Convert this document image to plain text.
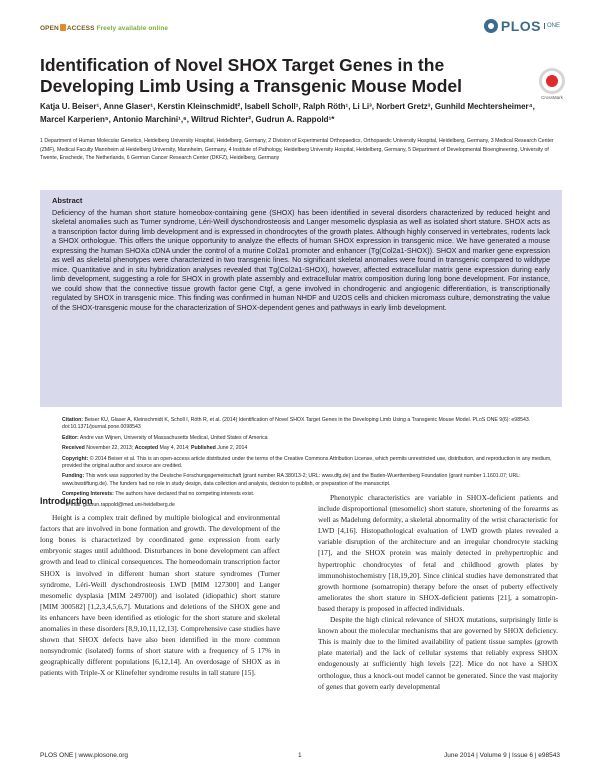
OPEN ACCESS Freely available online	PLOS	ONE
Identification of Novel SHOX Target Genes in the Developing Limb Using a Transgenic Mouse Model
CrossMark
Katja U. Beiser¹, Anne Glaser¹, Kerstin Kleinschmidt², Isabell Scholl¹, Ralph Röth¹, Li Li³, Norbert Gretz³, Gunhild Mechtersheimer⁴, Marcel Karperien⁵, Antonio Marchini¹,⁶, Wiltrud Richter², Gudrun A. Rappold¹*
1 Department of Human Molecular Genetics, Heidelberg University Hospital, Heidelberg, Germany, 2 Division of Experimental Orthopaedics, Orthopaedic University Hospital, Heidelberg, Germany, 3 Medical Research Center (ZMF), Medical Faculty Mannheim at Heidelberg University, Mannheim, Germany, 4 Institute of Pathology, Heidelberg University Hospital, Heidelberg, Germany, 5 Department of Developmental Bioengineering, University of Twente, Enschede, The Netherlands, 6 German Cancer Research Center (DKFZ), Heidelberg, Germany
Abstract

Deficiency of the human short stature homeobox-containing gene (SHOX) has been identified in several disorders characterized by reduced height and skeletal anomalies such as Turner syndrome, Léri-Weill dyschondrosteosis and Langer mesomelic dysplasia as well as isolated short stature. SHOX acts as a transcription factor during limb development and is expressed in chondrocytes of the growth plates. Although highly conserved in vertebrates, rodents lack a SHOX orthologue. This offers the unique opportunity to analyze the effects of human SHOX expression in transgenic mice. We have generated a mouse expressing the human SHOXa cDNA under the control of a murine Col2a1 promoter and enhancer (Tg(Col2a1-SHOX)). SHOX and marker gene expression as well as skeletal phenotypes were characterized in two transgenic lines. No significant skeletal anomalies were found in transgenic compared to wildtype mice. Quantitative and in situ hybridization analyses revealed that Tg(Col2a1-SHOX), however, affected extracellular matrix gene expression during early limb development, suggesting a role for SHOX in growth plate assembly and extracellular matrix composition during long bone development. For instance, we could show that the connective tissue growth factor gene Ctgf, a gene involved in chondrogenic and angiogenic differentiation, is transcriptionally regulated by SHOX in transgenic mice. This finding was confirmed in human NHDF and U2OS cells and chicken micromass culture, demonstrating the value of the SHOX-transgenic mouse for the characterization of SHOX-dependent genes and pathways in early limb development.

Citation: Beiser KU, Glaser A, Kleinschmidt K, Scholl I, Röth R, et al. (2014) Identification of Novel SHOX Target Genes in the Developing Limb Using a Transgenic Mouse Model. PLoS ONE 9(6): e98543. doi:10.1371/journal.pone.0098543
Editor: Andre van Wijnen, University of Massachusetts Medical, United States of America
Received November 22, 2013; Accepted May 4, 2014; Published June 2, 2014
Copyright: © 2014 Beiser et al. This is an open-access article distributed under the terms of the Creative Commons Attribution License, which permits unrestricted use, distribution, and reproduction in any medium, provided the original author and source are credited.
Funding: This work was supported by the Deutsche Forschungsgemeinschaft (grant number RA 380/13-2; URL: www.dfg.de) and the Baden-Wuerttemberg Foundation (grant number 1.1601.07; URL: www.bwstiftung.de). The funders had no role in study design, data collection and analysis, decision to publish, or preparation of the manuscript.
Competing Interests: The authors have declared that no competing interests exist.
* E-mail: gudrun.rappold@med.uni-heidelberg.de
Introduction

Height is a complex trait defined by multiple biological and environmental factors that are involved in bone formation and growth. The development of the long bones is characterized by coordinated gene expression from early embryonic stages until adulthood. Disturbances in bone development can affect growth and lead to clinical consequences. The homeodomain transcription factor SHOX is involved in different human short stature syndromes (Turner syndrome, Léri-Weill dyschondrosteosis LWD [MIM 127300] and Langer mesomelic dysplasia [MIM 249700]) and isolated (idiopathic) short stature [MIM 300582] [1,2,3,4,5,6,7]. Mutations and deletions of the SHOX gene and its enhancers have been identified as etiologic for the short stature and skeletal anomalies in these disorders [8,9,10,11,12,13]. Comprehensive case studies have shown that SHOX defects have also been identified in the more common nonsyndromic (isolated) forms of short stature with a frequency of 5 17% in geographically different populations [6,12,14]. An overdosage of SHOX as in patients with Triple-X or Klinefelter syndrome results in tall stature [15].

Phenotypic characteristics are variable in SHOX-deficient patients and include disproportional (mesomelic) short stature, shortening of the forearms as well as Madelung deformity, a skeletal abnormality of the wrist characteristic for LWD [4,16]. Histopathological evaluation of LWD growth plates revealed a variable disruption of the architecture and an irregular chondrocyte stacking [17], and the SHOX protein was mainly detected in prehypertrophic and hypertrophic chondrocytes of fetal and childhood growth plates by immunohistochemistry [18,19,20]. Since clinical studies have demonstrated that growth hormone (somatropin) therapy before the onset of puberty effectively ameliorates the short stature in SHOX-deficient patients [21], a somatropin-based therapy is proposed in affected individuals.

Despite the high clinical relevance of SHOX mutations, surprisingly little is known about the molecular mechanisms that are governed by SHOX deficiency. This is mainly due to the limited availability of patient tissue samples (growth plate material) and the lack of cellular systems that reliably express SHOX endogenously at sufficiently high levels [22]. Mice do not have a SHOX orthologue, thus a knock-out model cannot be generated. Since the vast majority of genes that govern early developmental

PLOS ONE | www.plosone.org	1	June 2014 | Volume 9 | Issue 6 | e98543
